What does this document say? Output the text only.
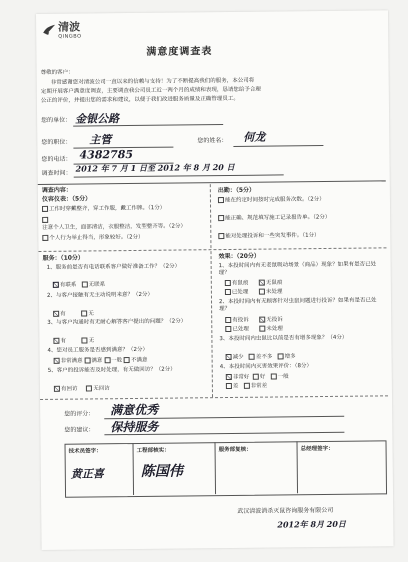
清波
QINGBO
满意度调查表
尊敬的客户：
非常感谢您对清波公司一直以来的信赖与支持！为了不断提高我们的服务，本公司将
定期开展客户满意度调查，主要调查我公司员工近一两个月的成绩和表现，恳请您给予合理
公正的评价，并提出您的需求和建议，以便于我们改进服务质量及正确管理员工。
您的单位： 金银公路
您的职位： 主管	您的姓名： 何龙
您的电话： 4382785
调查时间： 2012 年 7 月 1 日至 2012 年 8 月 20 日
调查内容：
仪容仪表：（5分）
工作时穿戴整齐，穿工作服，戴工作牌。（1分）
注意个人卫生，面部清洁，衣服整洁，发型整齐等。（2分）
个人行为举止得当，形象较好。（2分）
出勤：（5分）
能在约定时间按时完成服务次数。（2分）
能正确、规范填写施工记录报告单。（2分）
能对处理投诉和一些突发事件。（1分）
服务：（10分）
1、服务前是否有电话联系客户做好准备工作？（2分）
有联系 无联系
2、与客户接触有无主动说明来意？（2分）
有	无
3、与客户沟通时有无耐心解答客户提出的问题？（2分）
有	无
4、您对员工服务是否感到满意？（2分）
非常满意 满意 一般 不满意
5、客户的投诉能否及时处理，有无做回访？（2分）
有回访	无回访
效果：（20分）
1、本投时间内有无老鼠吸动场景（商品）现象？如果有是否已处理？
有鼠痕	无鼠痕
已处理	未处理
2、本投时间内有无顾客针对虫鼠问题进行投诉？如果有是否已处理？
有投诉	无投诉
已处理	未处理
3、本投时间内虫鼠比以前是否有增多现象？（4分）
减少 差不多 增多
4、本投时间内灭害效果评价：（8分）
非常好 好 一般
差 非常差
您的评分： 满意优秀
您的建议： 保持服务
技术员签字：
黄正喜
工程部核实：
陈国伟
服务部复核：	总经理签字：
武汉清波消杀灭鼠咨询服务有限公司
2012年 8月 20日
